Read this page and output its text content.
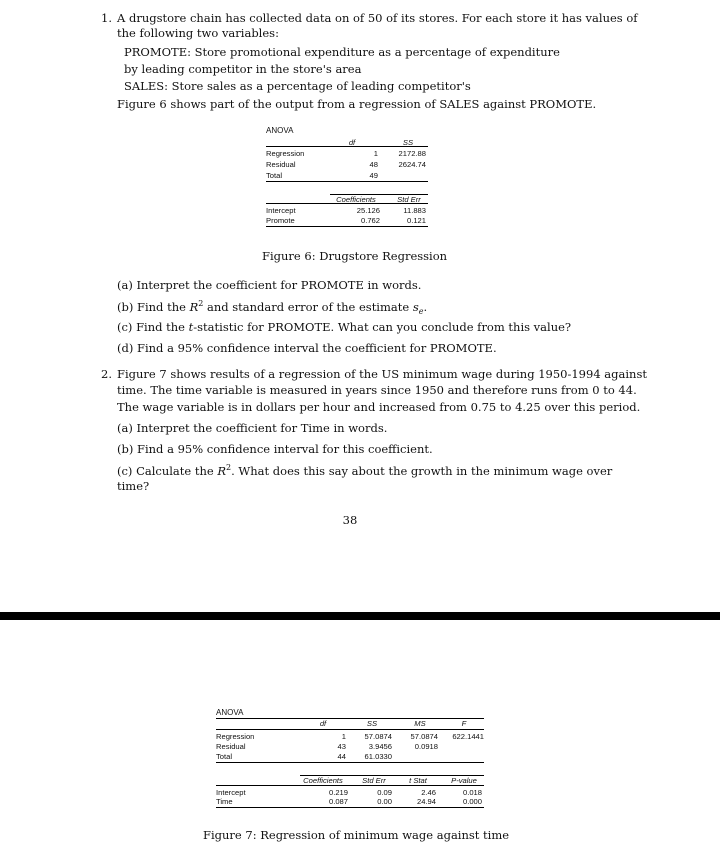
1. A drugstore chain has collected data on of 50 of its stores. For each store it has values of
the following two variables:
PROMOTE: Store promotional expenditure as a percentage of expenditure
by leading competitor in the store's area
SALES: Store sales as a percentage of leading competitor's
Figure 6 shows part of the output from a regression of SALES against PROMOTE.
ANOVA
df	SS
Regression	1	2172.88
Residual	48	2624.74
Total	49
Coefficients	Std Err
Intercept	25.126	11.883
Promote	0.762	0.121
Figure 6: Drugstore Regression
(a) Interpret the coefficient for PROMOTE in words.
(b) Find the $R^2$ and standard error of the estimate $s_e$.
(c) Find the t-statistic for PROMOTE. What can you conclude from this value?
(d) Find a 95% confidence interval the coefficient for PROMOTE.
2. Figure 7 shows results of a regression of the US minimum wage during 1950-1994 against
time. The time variable is measured in years since 1950 and therefore runs from 0 to 44.
The wage variable is in dollars per hour and increased from 0.75 to 4.25 over this period.
(a) Interpret the coefficient for Time in words.
(b) Find a 95% confidence interval for this coefficient.
(c) Calculate the $R^2$. What does this say about the growth in the minimum wage over
time?
38
ANOVA
df	SS	MS	F
Regression	1	57.0874	57.0874	622.1441
Residual	43	3.9456	0.0918
Total	44	61.0330
Coefficients	Std Err	t Stat	P-value
Intercept	0.219	0.09	2.46	0.018
Time	0.087	0.00	24.94	0.000
Figure 7: Regression of minimum wage against time
